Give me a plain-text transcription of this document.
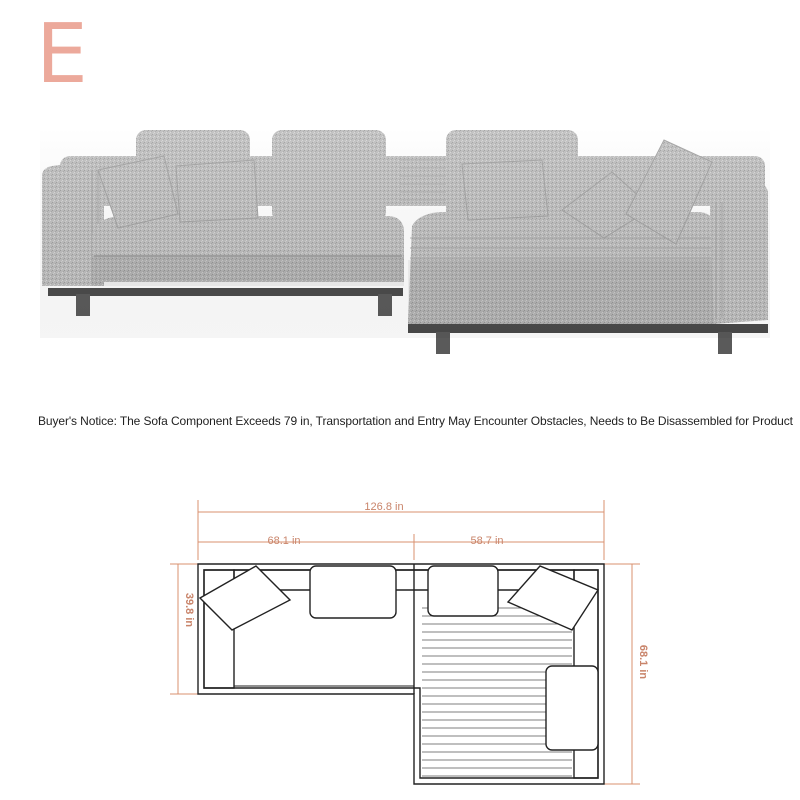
E
Buyer's Notice: The Sofa Component Exceeds 79 in, Transportation and Entry May Encounter Obstacles, Needs to Be Disassembled for Product
126.8 in
68.1 in	58.7 in
39.8 in
68.1 in
